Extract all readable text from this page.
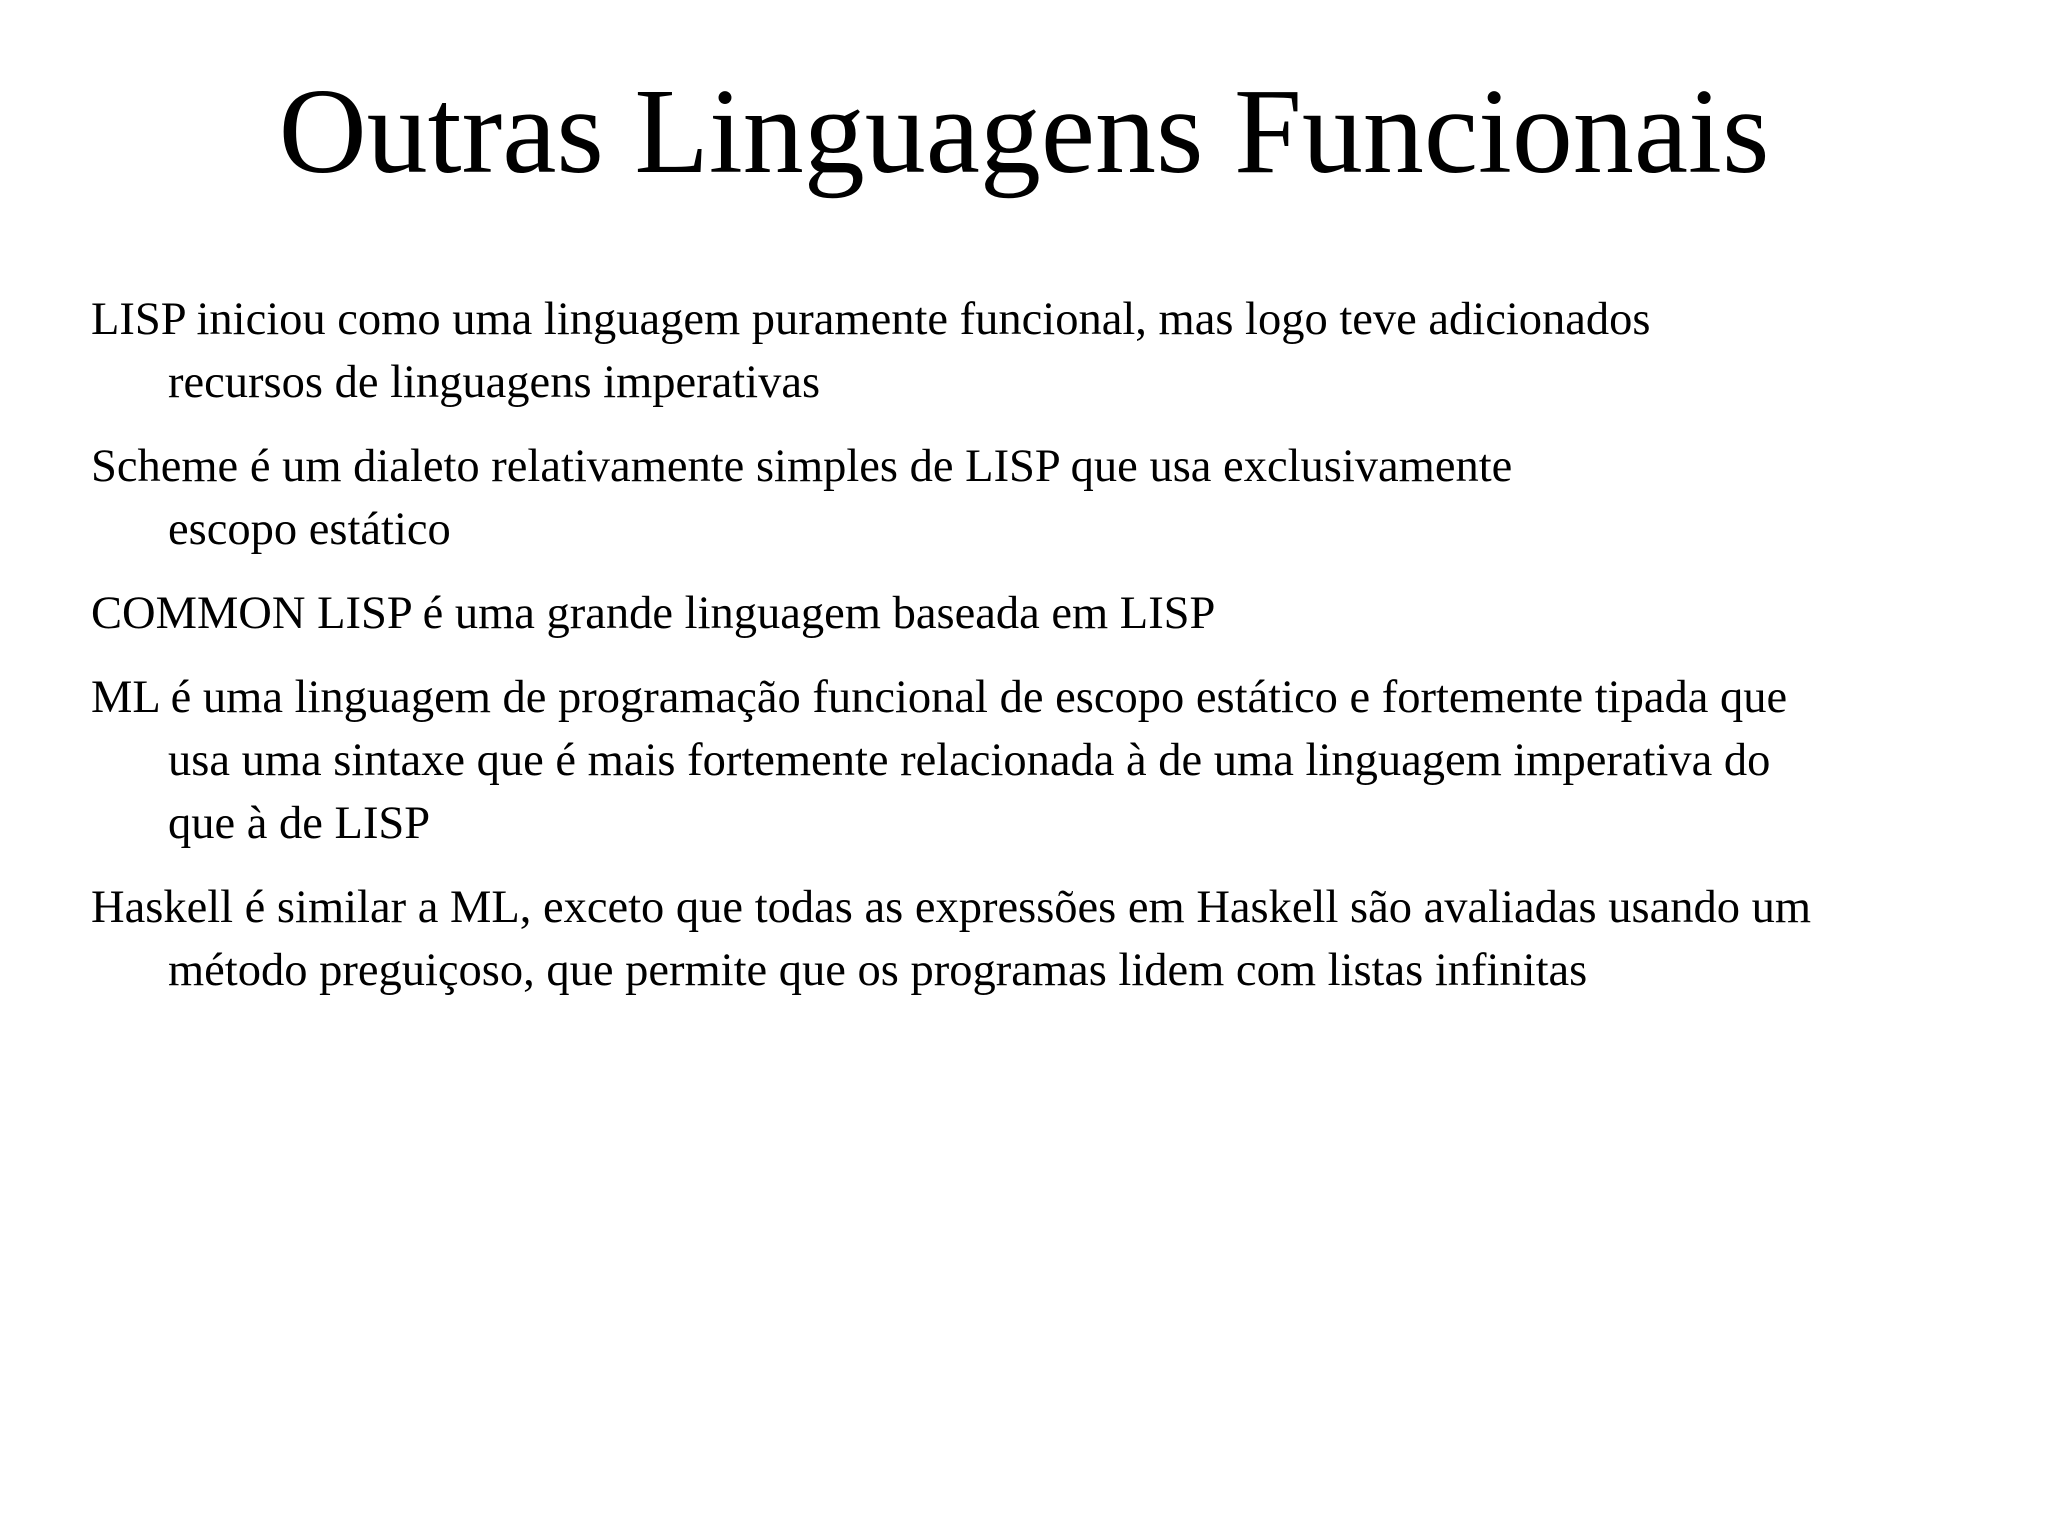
Outras Linguagens Funcionais
LISP iniciou como uma linguagem puramente funcional, mas logo teve adicionados
recursos de linguagens imperativas
Scheme é um dialeto relativamente simples de LISP que usa exclusivamente
escopo estático
COMMON LISP é uma grande linguagem baseada em LISP
ML é uma linguagem de programação funcional de escopo estático e fortemente tipada que
usa uma sintaxe que é mais fortemente relacionada à de uma linguagem imperativa do
que à de LISP
Haskell é similar a ML, exceto que todas as expressões em Haskell são avaliadas usando um
método preguiçoso, que permite que os programas lidem com listas infinitas
